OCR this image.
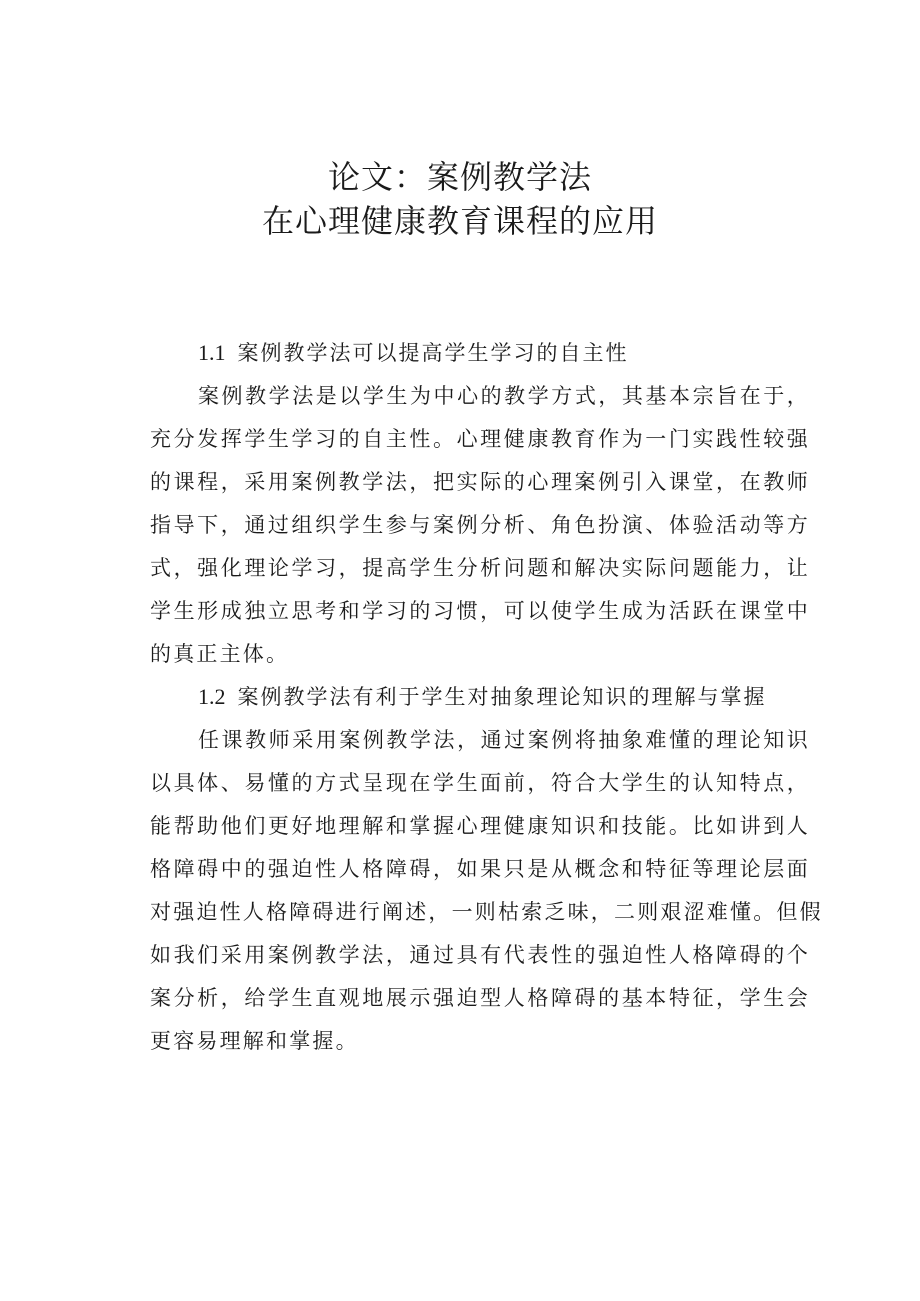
论文：案例教学法
在心理健康教育课程的应用
1.1 案例教学法可以提高学生学习的自主性
案例教学法是以学生为中心的教学方式，其基本宗旨在于，
充分发挥学生学习的自主性。心理健康教育作为一门实践性较强
的课程，采用案例教学法，把实际的心理案例引入课堂，在教师
指导下，通过组织学生参与案例分析、角色扮演、体验活动等方
式，强化理论学习，提高学生分析问题和解决实际问题能力，让
学生形成独立思考和学习的习惯，可以使学生成为活跃在课堂中
的真正主体。
1.2 案例教学法有利于学生对抽象理论知识的理解与掌握
任课教师采用案例教学法，通过案例将抽象难懂的理论知识
以具体、易懂的方式呈现在学生面前，符合大学生的认知特点，
能帮助他们更好地理解和掌握心理健康知识和技能。比如讲到人
格障碍中的强迫性人格障碍，如果只是从概念和特征等理论层面
对强迫性人格障碍进行阐述，一则枯索乏味，二则艰涩难懂。但假
如我们采用案例教学法，通过具有代表性的强迫性人格障碍的个
案分析，给学生直观地展示强迫型人格障碍的基本特征，学生会
更容易理解和掌握。
